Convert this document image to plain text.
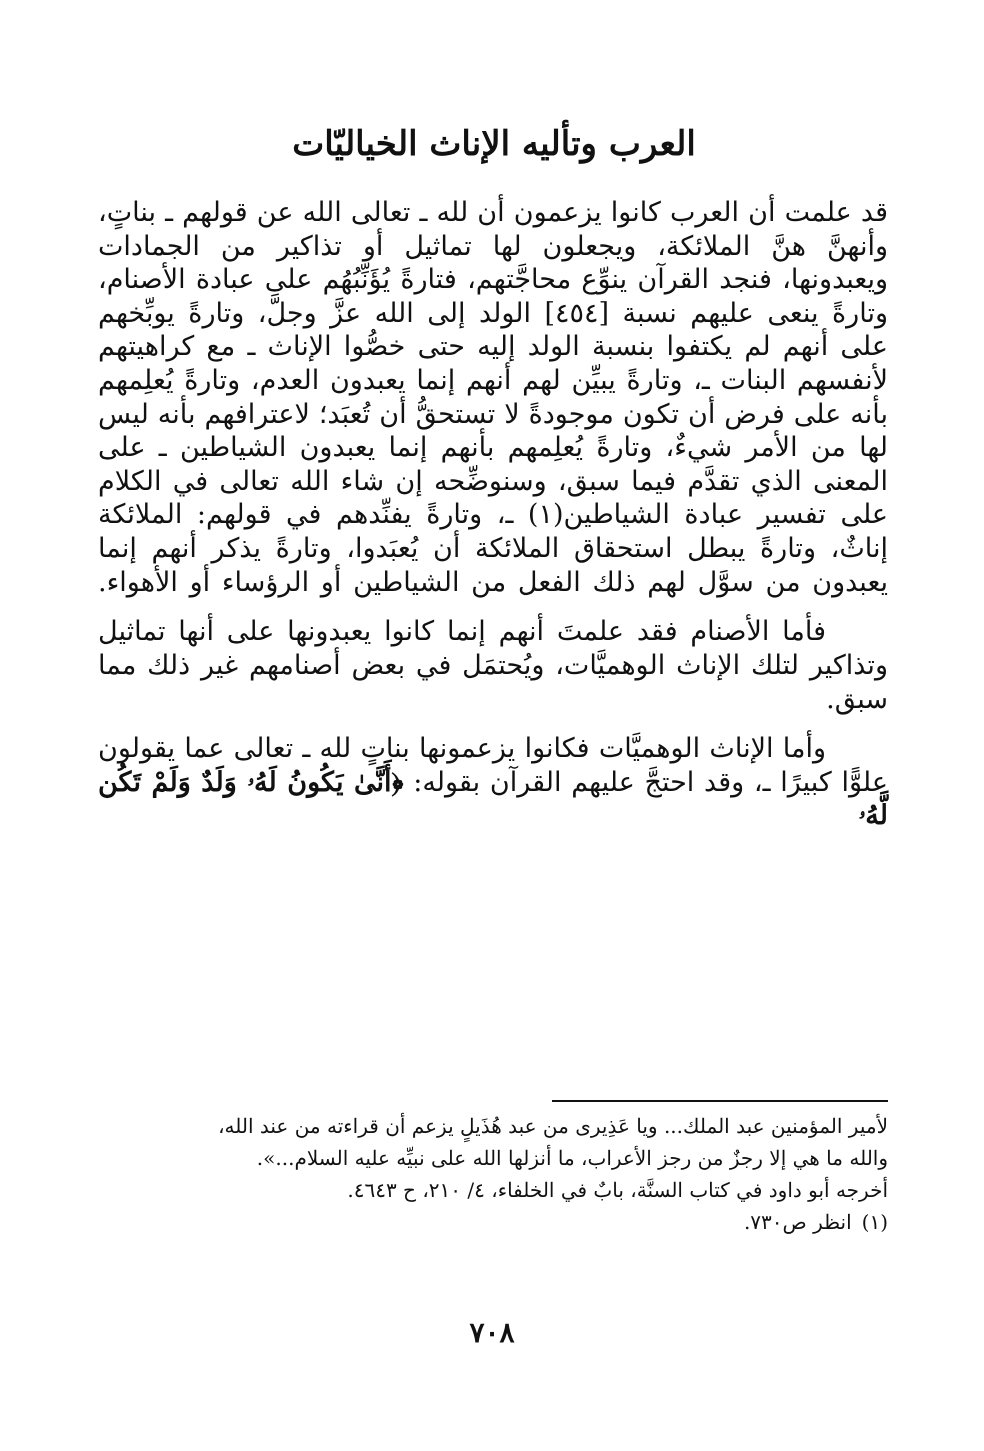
العرب وتأليه الإناث الخياليّات

قد علمت أن العرب كانوا يزعمون أن لله ـ تعالى الله عن قولهم ـ بناتٍ، وأنهنَّ هنَّ الملائكة، ويجعلون لها تماثيل أو تذاكير من الجمادات ويعبدونها، فنجد القرآن ينوِّع محاجَّتهم، فتارةً يُؤَنِّبُهُم على عبادة الأصنام، وتارةً ينعى عليهم نسبة [٤٥٤] الولد إلى الله عزَّ وجلَّ، وتارةً يوبِّخهم على أنهم لم يكتفوا بنسبة الولد إليه حتى خصُّوا الإناث ـ مع كراهيتهم لأنفسهم البنات ـ، وتارةً يبيِّن لهم أنهم إنما يعبدون العدم، وتارةً يُعلِمهم بأنه على فرض أن تكون موجودةً لا تستحقُّ أن تُعبَد؛ لاعترافهم بأنه ليس لها من الأمر شيءٌ، وتارةً يُعلِمهم بأنهم إنما يعبدون الشياطين ـ على المعنى الذي تقدَّم فيما سبق، وسنوضِّحه إن شاء الله تعالى في الكلام على تفسير عبادة الشياطين(١) ـ، وتارةً يفنِّدهم في قولهم: الملائكة إناثٌ، وتارةً يبطل استحقاق الملائكة أن يُعبَدوا، وتارةً يذكر أنهم إنما يعبدون من سوَّل لهم ذلك الفعل من الشياطين أو الرؤساء أو الأهواء.

فأما الأصنام فقد علمتَ أنهم إنما كانوا يعبدونها على أنها تماثيل وتذاكير لتلك الإناث الوهميَّات، ويُحتمَل في بعض أصنامهم غير ذلك مما سبق.

وأما الإناث الوهميَّات فكانوا يزعمونها بناتٍ لله ـ تعالى عما يقولون علوًّا كبيرًا ـ، وقد احتجَّ عليهم القرآن بقوله: ﴿أَنَّىٰ يَكُونُ لَهُۥ وَلَدٌ وَلَمْ تَكُن لَّهُۥ

لأمير المؤمنين عبد الملك... ويا عَذِيرى من عبد هُذَيلٍ يزعم أن قراءته من عند الله،

والله ما هي إلا رجزٌ من رجز الأعراب، ما أنزلها الله على نبيِّه عليه السلام...».

أخرجه أبو داود في كتاب السنَّة، بابٌ في الخلفاء، ٤/ ٢١٠، ح ٤٦٤٣.

(١) انظر ص٧٣٠.

٧٠٨
